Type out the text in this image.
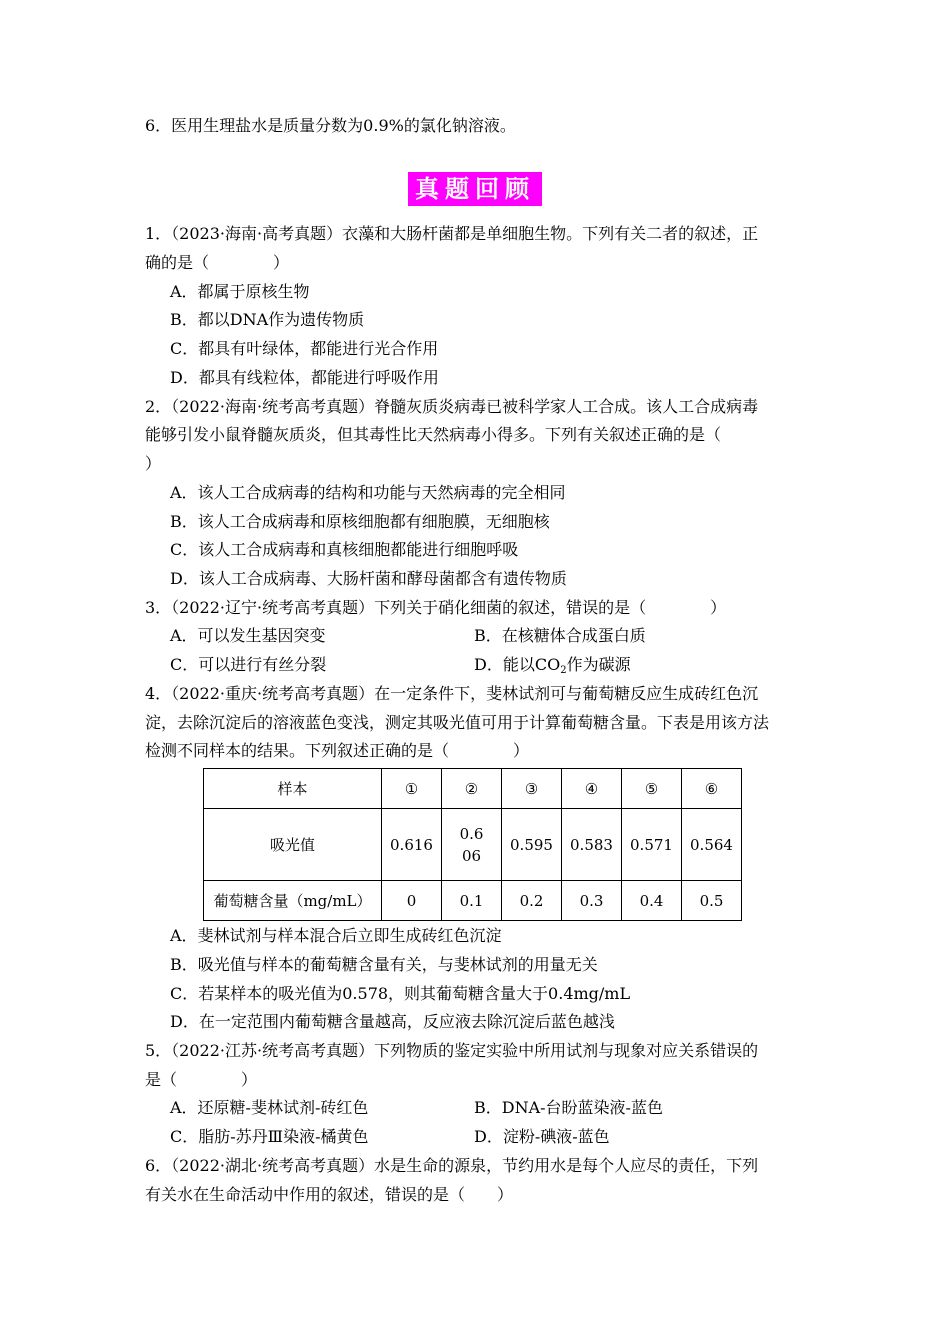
6．医用生理盐水是质量分数为0.9%的氯化钠溶液。
真题回顾
1．（2023·海南·高考真题）衣藻和大肠杆菌都是单细胞生物。下列有关二者的叙述，正
确的是（　　　　）
A．都属于原核生物
B．都以DNA作为遗传物质
C．都具有叶绿体，都能进行光合作用
D．都具有线粒体，都能进行呼吸作用
2．（2022·海南·统考高考真题）脊髓灰质炎病毒已被科学家人工合成。该人工合成病毒
能够引发小鼠脊髓灰质炎，但其毒性比天然病毒小得多。下列有关叙述正确的是（
）
A．该人工合成病毒的结构和功能与天然病毒的完全相同
B．该人工合成病毒和原核细胞都有细胞膜，无细胞核
C．该人工合成病毒和真核细胞都能进行细胞呼吸
D．该人工合成病毒、大肠杆菌和酵母菌都含有遗传物质
3．（2022·辽宁·统考高考真题）下列关于硝化细菌的叙述，错误的是（　　　　）
A．可以发生基因突变	B．在核糖体合成蛋白质
C．可以进行有丝分裂	D．能以$CO_2$作为碳源
4．（2022·重庆·统考高考真题）在一定条件下，斐林试剂可与葡萄糖反应生成砖红色沉
淀，去除沉淀后的溶液蓝色变浅，测定其吸光值可用于计算葡萄糖含量。下表是用该方法
检测不同样本的结果。下列叙述正确的是（　　　　）
样本	①	②	③	④	⑤	⑥
吸光值	0.616	0.606	0.595	0.583	0.571	0.564
葡萄糖含量（mg/mL）	0	0.1	0.2	0.3	0.4	0.5
A．斐林试剂与样本混合后立即生成砖红色沉淀
B．吸光值与样本的葡萄糖含量有关，与斐林试剂的用量无关
C．若某样本的吸光值为0.578，则其葡萄糖含量大于0.4mg/mL
D．在一定范围内葡萄糖含量越高，反应液去除沉淀后蓝色越浅
5．（2022·江苏·统考高考真题）下列物质的鉴定实验中所用试剂与现象对应关系错误的
是（　　　　）
A．还原糖-斐林试剂-砖红色	B．DNA-台盼蓝染液-蓝色
C．脂肪-苏丹Ⅲ染液-橘黄色	D．淀粉-碘液-蓝色
6．（2022·湖北·统考高考真题）水是生命的源泉，节约用水是每个人应尽的责任，下列
有关水在生命活动中作用的叙述，错误的是（　　）
